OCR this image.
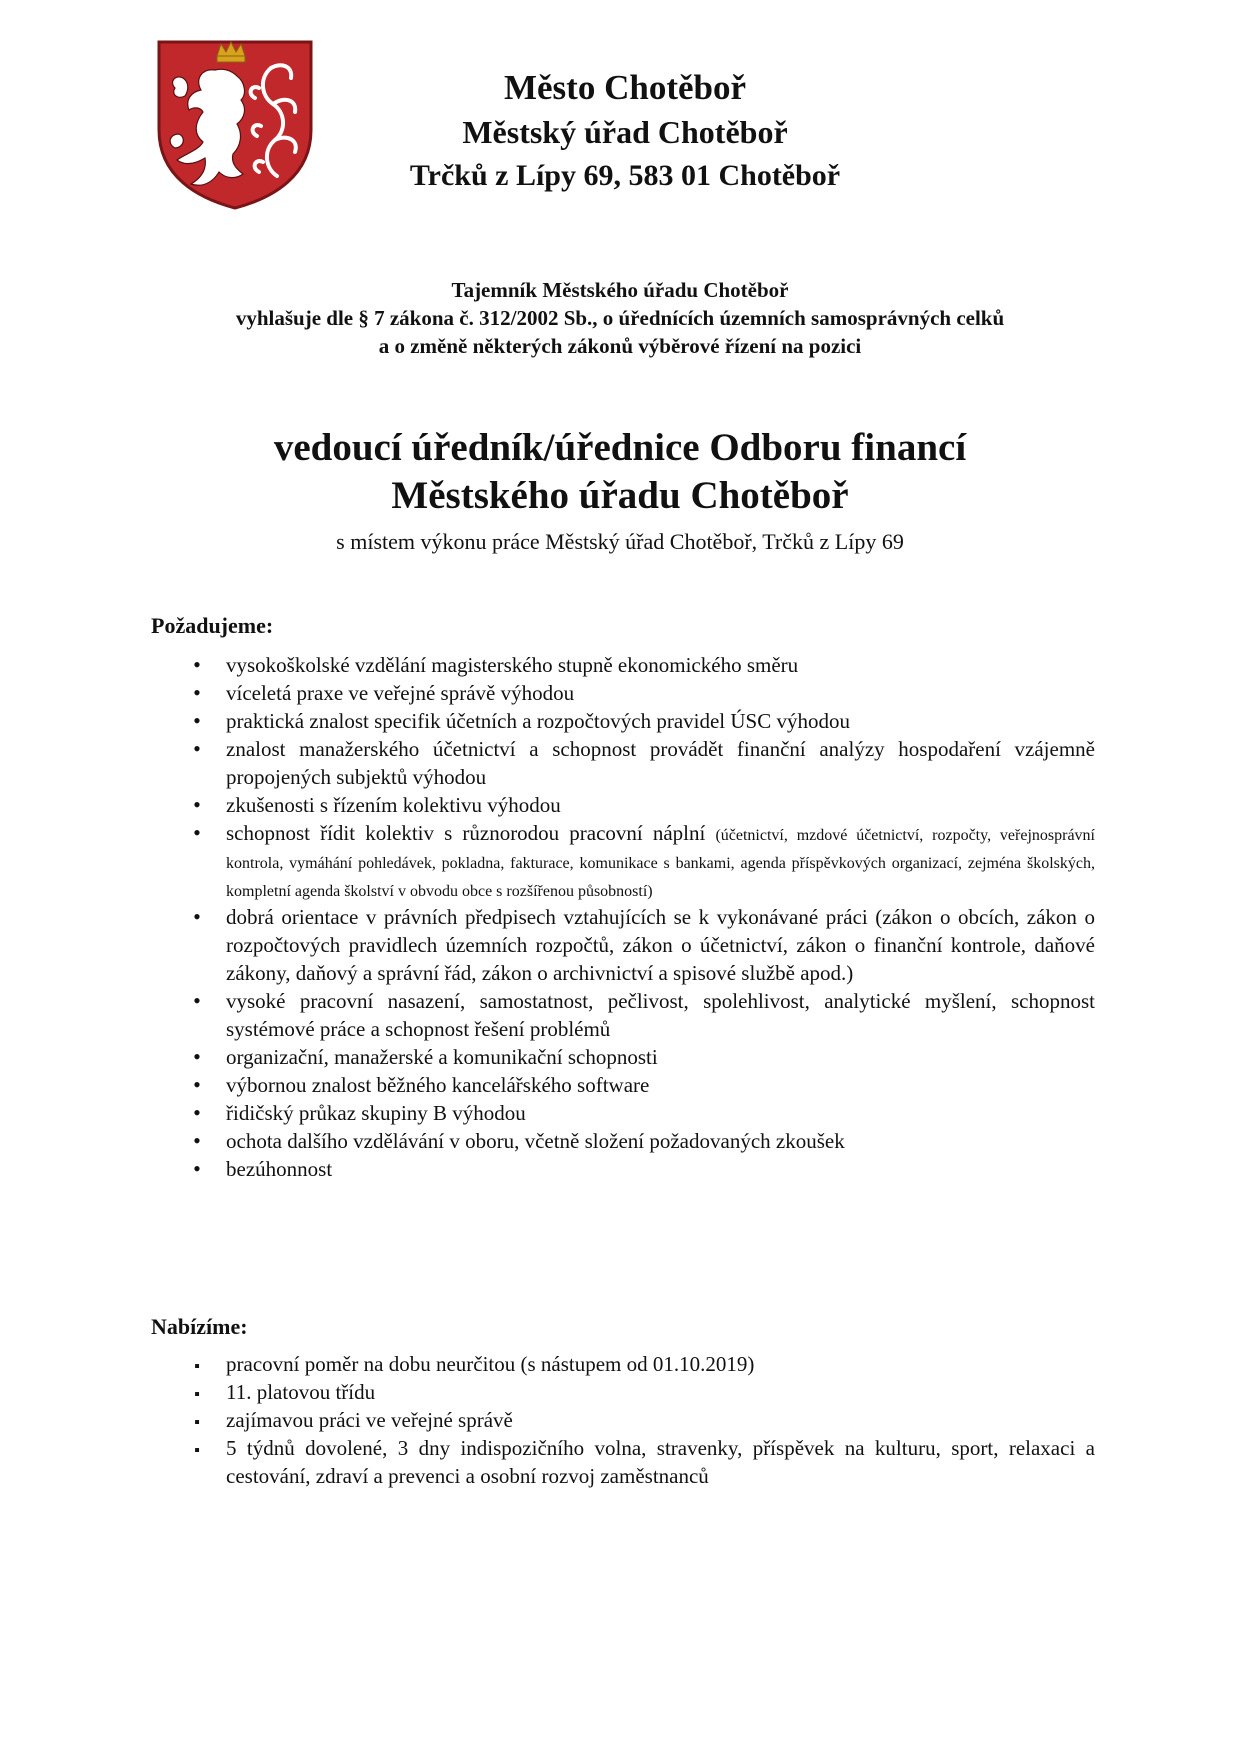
Město Chotěboř
Městský úřad Chotěboř
Trčků z Lípy 69, 583 01 Chotěboř
Tajemník Městského úřadu Chotěboř
vyhlašuje dle § 7 zákona č. 312/2002 Sb., o úřednících územních samosprávných celků
a o změně některých zákonů výběrové řízení na pozici
vedoucí úředník/úřednice Odboru financí
Městského úřadu Chotěboř
s místem výkonu práce Městský úřad Chotěboř, Trčků z Lípy 69
Požadujeme:
•
vysokoškolské vzdělání magisterského stupně ekonomického směru
•
víceletá praxe ve veřejné správě výhodou
•
praktická znalost specifik účetních a rozpočtových pravidel ÚSC výhodou
•
znalost manažerského účetnictví a schopnost provádět finanční analýzy hospodaření vzájemně propojených subjektů výhodou
•
zkušenosti s řízením kolektivu výhodou
•
schopnost řídit kolektiv s různorodou pracovní náplní (účetnictví, mzdové účetnictví, rozpočty, veřejnosprávní kontrola, vymáhání pohledávek, pokladna, fakturace, komunikace s bankami, agenda příspěvkových organizací, zejména školských, kompletní agenda školství v obvodu obce s rozšířenou působností)
•
dobrá orientace v právních předpisech vztahujících se k vykonávané práci (zákon o obcích, zákon o rozpočtových pravidlech územních rozpočtů, zákon o účetnictví, zákon o finanční kontrole, daňové zákony, daňový a správní řád, zákon o archivnictví a spisové službě apod.)
•
vysoké pracovní nasazení, samostatnost, pečlivost, spolehlivost, analytické myšlení, schopnost systémové práce a schopnost řešení problémů
•
organizační, manažerské a komunikační schopnosti
•
výbornou znalost běžného kancelářského software
•
řidičský průkaz skupiny B výhodou
•
ochota dalšího vzdělávání v oboru, včetně složení požadovaných zkoušek
•
bezúhonnost
Nabízíme:
▪
pracovní poměr na dobu neurčitou (s nástupem od 01.10.2019)
▪
11. platovou třídu
▪
zajímavou práci ve veřejné správě
▪
5 týdnů dovolené, 3 dny indispozičního volna, stravenky, příspěvek na kulturu, sport, relaxaci a cestování, zdraví a prevenci a osobní rozvoj zaměstnanců
